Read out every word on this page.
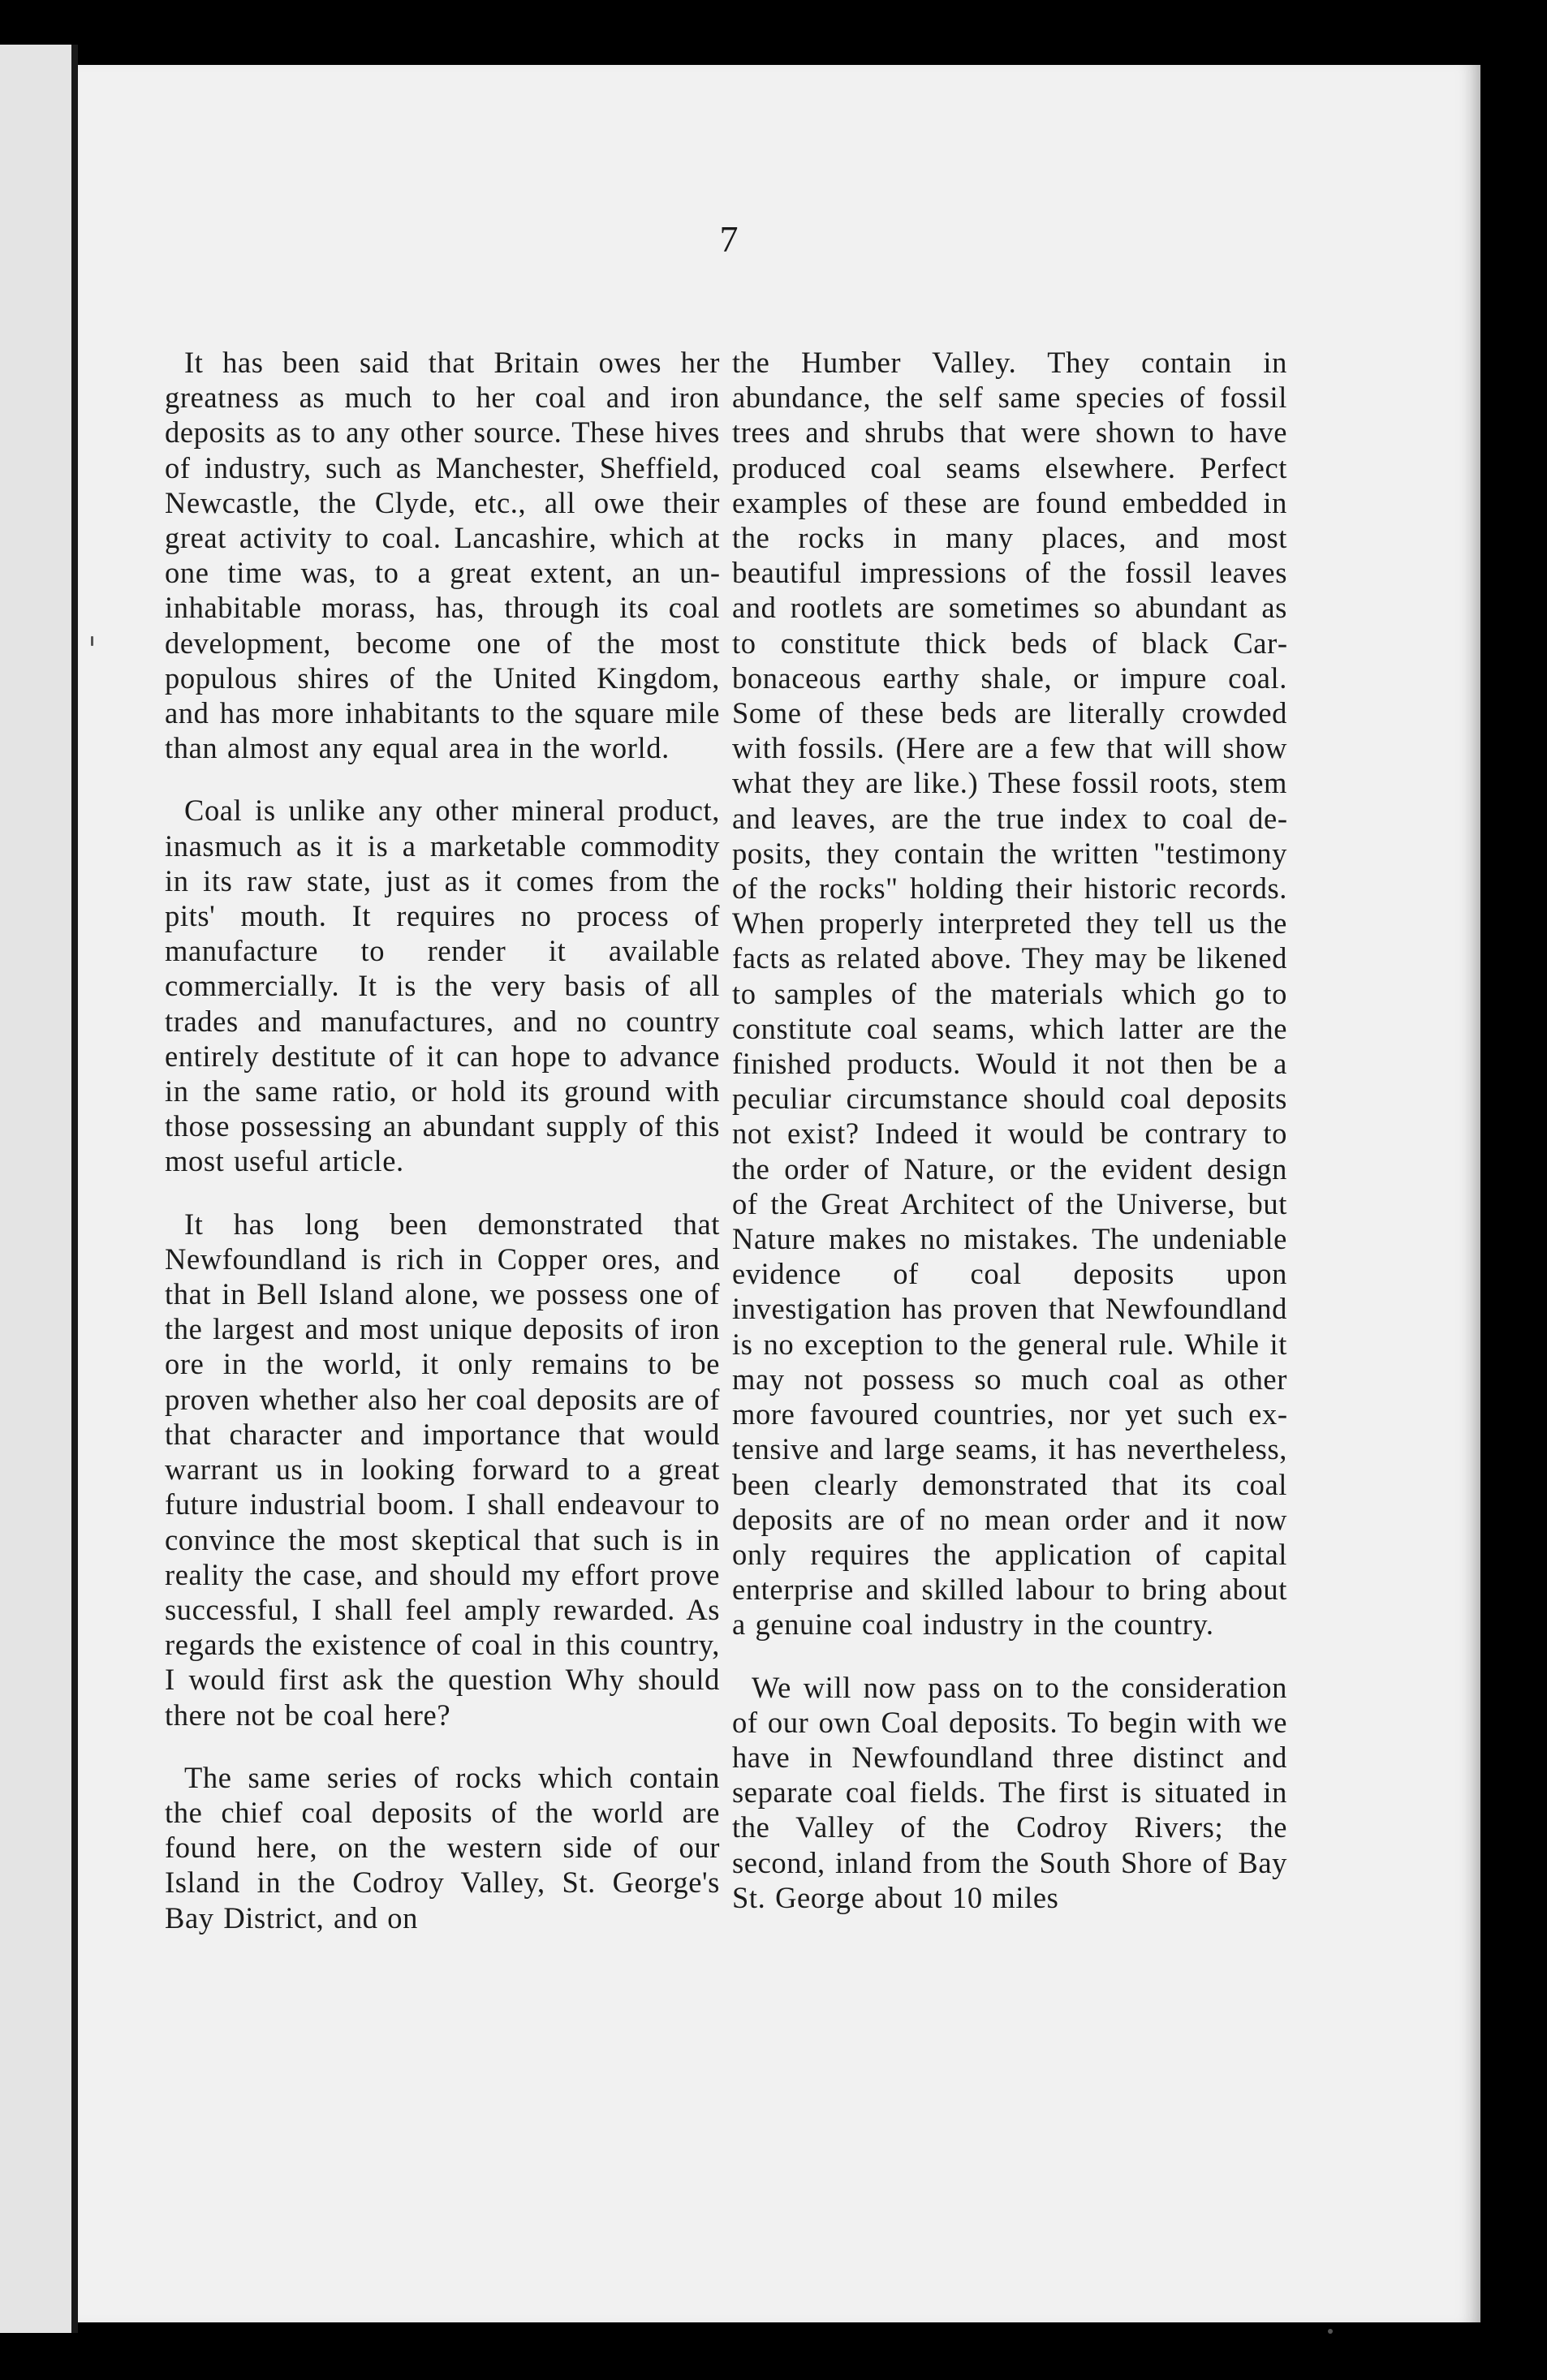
7

It has been said that Britain owes her greatness as much to her coal and iron deposits as to any other source. These hives of industry, such as Manchester, Sheffield, Newcastle, the Clyde, etc., all owe their great activity to coal. Lancashire, which at one time was, to a great extent, an uninhabitable morass, has, through its coal development, become one of the most populous shires of the United Kingdom, and has more inhabitants to the square mile than almost any equal area in the world.

Coal is unlike any other mineral product, inasmuch as it is a marketable commodity in its raw state, just as it comes from the pits' mouth. It requires no process of manufacture to render it available commercially. It is the very basis of all trades and manufactures, and no country entirely destitute of it can hope to advance in the same ratio, or hold its ground with those possessing an abundant supply of this most useful article.

It has long been demonstrated that Newfoundland is rich in Copper ores, and that in Bell Island alone, we possess one of the largest and most unique deposits of iron ore in the world, it only remains to be proven whether also her coal deposits are of that character and importance that would warrant us in looking forward to a great future industrial boom. I shall endeavour to convince the most skeptical that such is in reality the case, and should my effort prove successful, I shall feel amply rewarded. As regards the existence of coal in this country, I would first ask the question Why should there not be coal here?

The same series of rocks which contain the chief coal deposits of the world are found here, on the western side of our Island in the Codroy Valley, St. George's Bay District, and on

the Humber Valley. They contain in abundance, the self same species of fossil trees and shrubs that were shown to have produced coal seams elsewhere. Perfect examples of these are found embedded in the rocks in many places, and most beautiful impressions of the fossil leaves and rootlets are sometimes so abundant as to constitute thick beds of black Carbonaceous earthy shale, or impure coal. Some of these beds are literally crowded with fossils. (Here are a few that will show what they are like.) These fossil roots, stem and leaves, are the true index to coal deposits, they contain the written "testimony of the rocks" holding their historic records. When properly interpreted they tell us the facts as related above. They may be likened to samples of the materials which go to constitute coal seams, which latter are the finished products. Would it not then be a peculiar circumstance should coal deposits not exist? Indeed it would be contrary to the order of Nature, or the evident design of the Great Architect of the Universe, but Nature makes no mistakes. The undeniable evidence of coal deposits upon investigation has proven that Newfoundland is no exception to the general rule. While it may not possess so much coal as other more favoured countries, nor yet such extensive and large seams, it has nevertheless, been clearly demonstrated that its coal deposits are of no mean order and it now only requires the application of capital enterprise and skilled labour to bring about a genuine coal industry in the country.

We will now pass on to the consideration of our own Coal deposits. To begin with we have in Newfoundland three distinct and separate coal fields. The first is situated in the Valley of the Codroy Rivers; the second, inland from the South Shore of Bay St. George about 10 miles
